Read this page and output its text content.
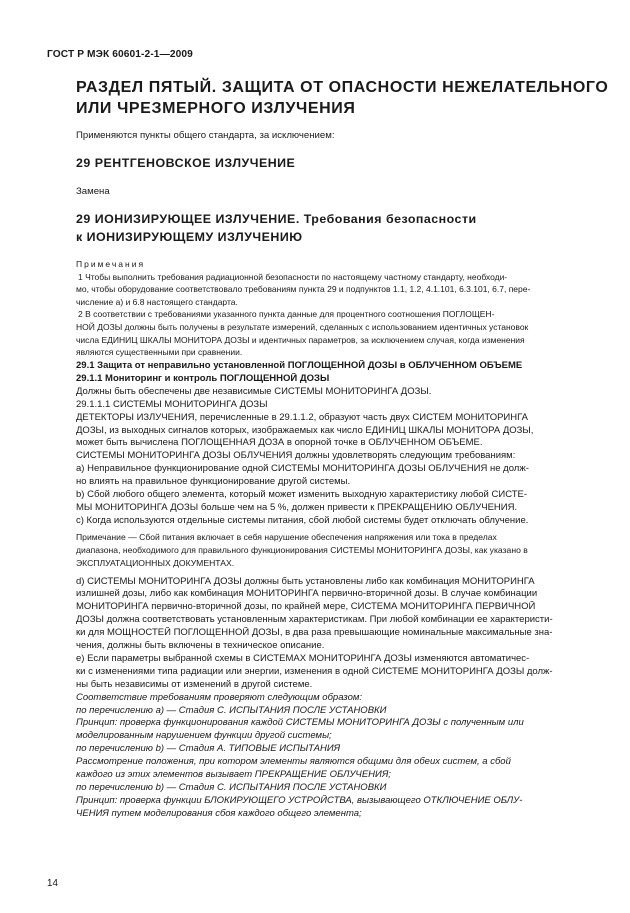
ГОСТ Р МЭК 60601-2-1—2009
РАЗДЕЛ ПЯТЫЙ. ЗАЩИТА ОТ ОПАСНОСТИ НЕЖЕЛАТЕЛЬНОГО
ИЛИ ЧРЕЗМЕРНОГО ИЗЛУЧЕНИЯ
Применяются пункты общего стандарта, за исключением:
29 РЕНТГЕНОВСКОЕ ИЗЛУЧЕНИЕ
Замена
29 ИОНИЗИРУЮЩЕЕ ИЗЛУЧЕНИЕ. Требования безопасности
к ИОНИЗИРУЮЩЕМУ ИЗЛУЧЕНИЮ
Примечания
1 Чтобы выполнить требования радиационной безопасности по настоящему частному стандарту, необходи-
мо, чтобы оборудование соответствовало требованиям пункта 29 и подпунктов 1.1, 1.2, 4.1.101, 6.3.101, 6.7, пере-
числение а) и 6.8 настоящего стандарта.
2 В соответствии с требованиями указанного пункта данные для процентного соотношения ПОГЛОЩЕН-
НОЙ ДОЗЫ должны быть получены в результате измерений, сделанных с использованием идентичных установок
числа ЕДИНИЦ ШКАЛЫ МОНИТОРА ДОЗЫ и идентичных параметров, за исключением случая, когда изменения
являются существенными при сравнении.
29.1 Защита от неправильно установленной ПОГЛОЩЕННОЙ ДОЗЫ в ОБЛУЧЕННОМ ОБЪЕМЕ
29.1.1 Мониторинг и контроль ПОГЛОЩЕННОЙ ДОЗЫ
Должны быть обеспечены две независимые СИСТЕМЫ МОНИТОРИНГА ДОЗЫ.
29.1.1.1 СИСТЕМЫ МОНИТОРИНГА ДОЗЫ
ДЕТЕКТОРЫ ИЗЛУЧЕНИЯ, перечисленные в 29.1.1.2, образуют часть двух СИСТЕМ МОНИТОРИНГА
ДОЗЫ, из выходных сигналов которых, изображаемых как число ЕДИНИЦ ШКАЛЫ МОНИТОРА ДОЗЫ,
может быть вычислена ПОГЛОЩЕННАЯ ДОЗА в опорной точке в ОБЛУЧЕННОМ ОБЪЕМЕ.
СИСТЕМЫ МОНИТОРИНГА ДОЗЫ ОБЛУЧЕНИЯ должны удовлетворять следующим требованиям:
а) Неправильное функционирование одной СИСТЕМЫ МОНИТОРИНГА ДОЗЫ ОБЛУЧЕНИЯ не долж-
но влиять на правильное функционирование другой системы.
b) Сбой любого общего элемента, который может изменить выходную характеристику любой СИСТЕ-
МЫ МОНИТОРИНГА ДОЗЫ больше чем на 5 %, должен привести к ПРЕКРАЩЕНИЮ ОБЛУЧЕНИЯ.
с) Когда используются отдельные системы питания, сбой любой системы будет отключать облучение.
Примечание — Сбой питания включает в себя нарушение обеспечения напряжения или тока в пределах
диапазона, необходимого для правильного функционирования СИСТЕМЫ МОНИТОРИНГА ДОЗЫ, как указано в
ЭКСПЛУАТАЦИОННЫХ ДОКУМЕНТАХ.
d) СИСТЕМЫ МОНИТОРИНГА ДОЗЫ должны быть установлены либо как комбинация МОНИТОРИНГА
излишней дозы, либо как комбинация МОНИТОРИНГА первично-вторичной дозы. В случае комбинации
МОНИТОРИНГА первично-вторичной дозы, по крайней мере, СИСТЕМА МОНИТОРИНГА ПЕРВИЧНОЙ
ДОЗЫ должна соответствовать установленным характеристикам. При любой комбинации ее характеристи-
ки для МОЩНОСТЕЙ ПОГЛОЩЕННОЙ ДОЗЫ, в два раза превышающие номинальные максимальные зна-
чения, должны быть включены в техническое описание.
е) Если параметры выбранной схемы в СИСТЕМАХ МОНИТОРИНГА ДОЗЫ изменяются автоматичес-
ки с изменениями типа радиации или энергии, изменения в одной СИСТЕМЕ МОНИТОРИНГА ДОЗЫ долж-
ны быть независимы от изменений в другой системе.
Соответствие требованиям проверяют следующим образом:
по перечислению а) — Стадия С. ИСПЫТАНИЯ ПОСЛЕ УСТАНОВКИ
Принцип: проверка функционирования каждой СИСТЕМЫ МОНИТОРИНГА ДОЗЫ с полученным или
моделированным нарушением функции другой системы;
по перечислению b) — Стадия А. ТИПОВЫЕ ИСПЫТАНИЯ
Рассмотрение положения, при котором элементы являются общими для обеих систем, а сбой
каждого из этих элементов вызывает ПРЕКРАЩЕНИЕ ОБЛУЧЕНИЯ;
по перечислению b) — Стадия С. ИСПЫТАНИЯ ПОСЛЕ УСТАНОВКИ
Принцип: проверка функции БЛОКИРУЮЩЕГО УСТРОЙСТВА, вызывающего ОТКЛЮЧЕНИЕ ОБЛУ-
ЧЕНИЯ путем моделирования сбоя каждого общего элемента;
14
